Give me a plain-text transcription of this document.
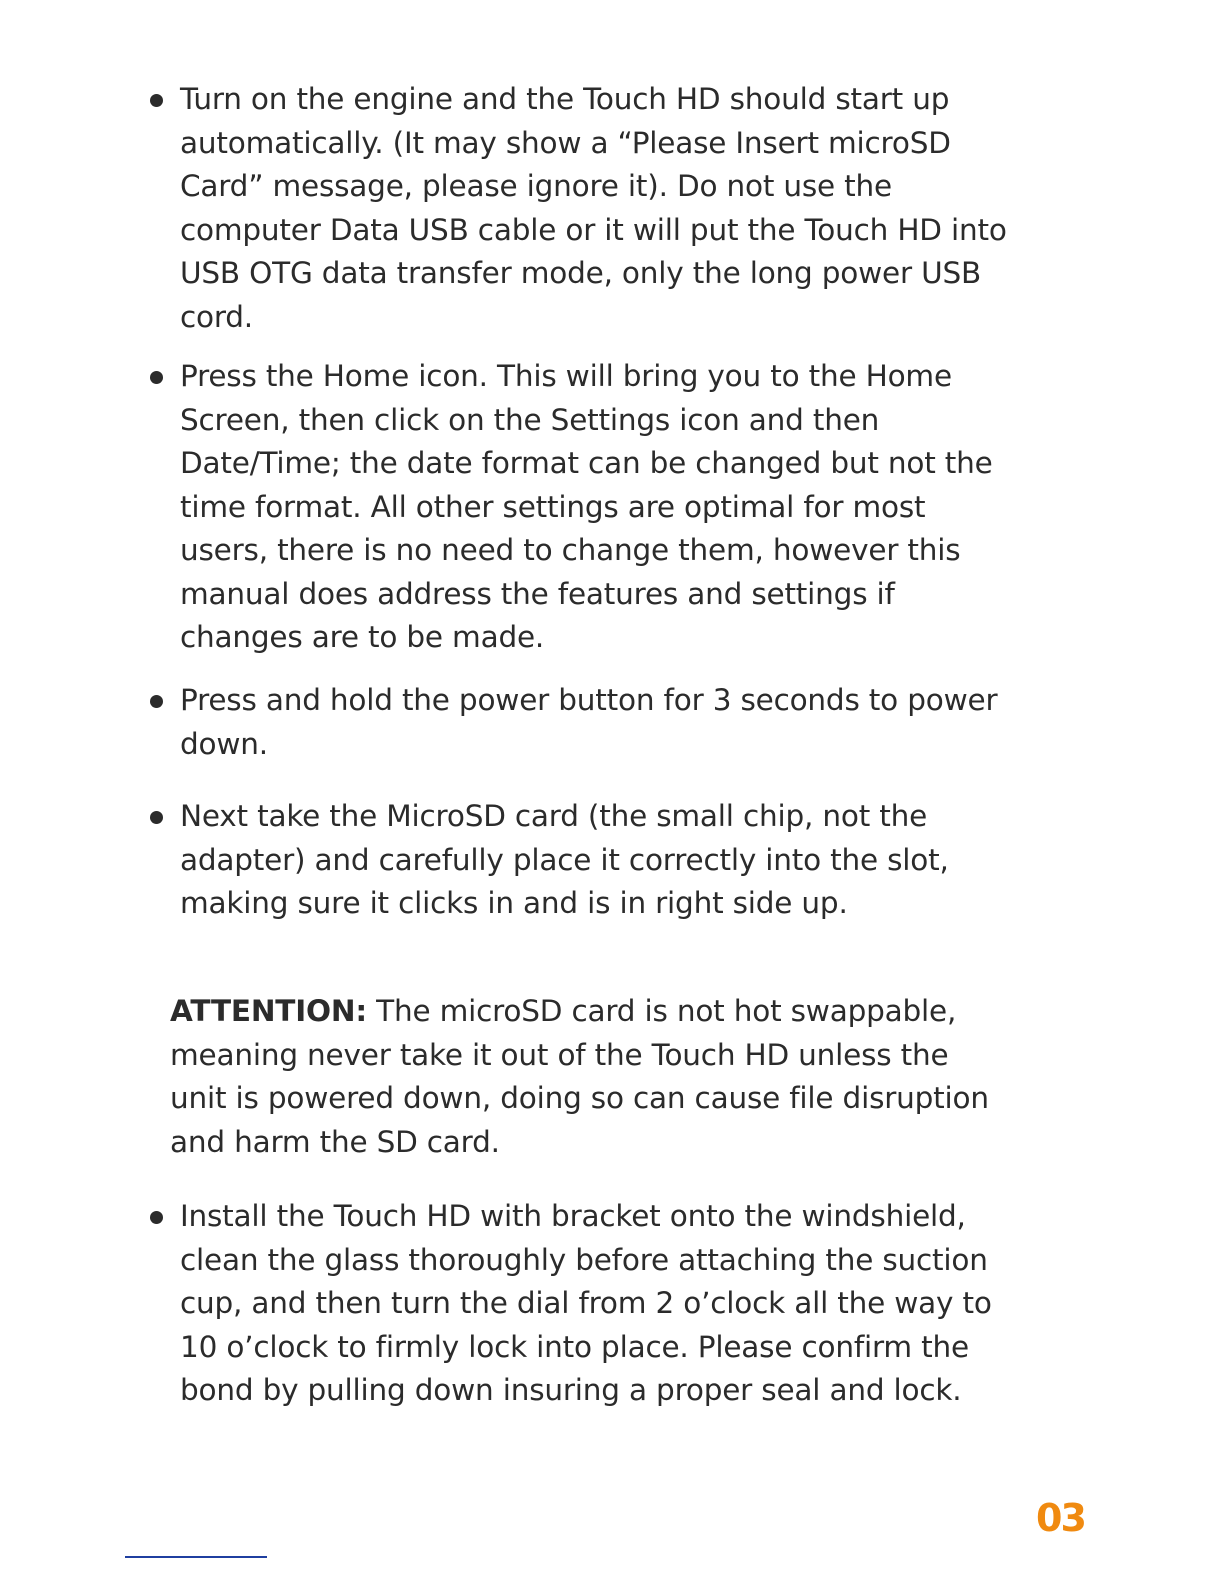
Turn on the engine and the Touch HD should start up automatically. (It may show a “Please Insert microSD Card” message, please ignore it). Do not use the computer Data USB cable or it will put the Touch HD into USB OTG data transfer mode, only the long power USB cord.
Press the Home icon. This will bring you to the Home Screen, then click on the Settings icon and then Date/Time; the date format can be changed but not the time format. All other settings are optimal for most users, there is no need to change them, however this manual does address the features and settings if changes are to be made.
Press and hold the power button for 3 seconds to power down.
Next take the MicroSD card (the small chip, not the adapter) and carefully place it correctly into the slot, making sure it clicks in and is in right side up.
ATTENTION: The microSD card is not hot swappable, meaning never take it out of the Touch HD unless the unit is powered down, doing so can cause file disruption and harm the SD card.
Install the Touch HD with bracket onto the windshield, clean the glass thoroughly before attaching the suction cup, and then turn the dial from 2 o’clock all the way to 10 o’clock to firmly lock into place. Please confirm the bond by pulling down insuring a proper seal and lock.
03
